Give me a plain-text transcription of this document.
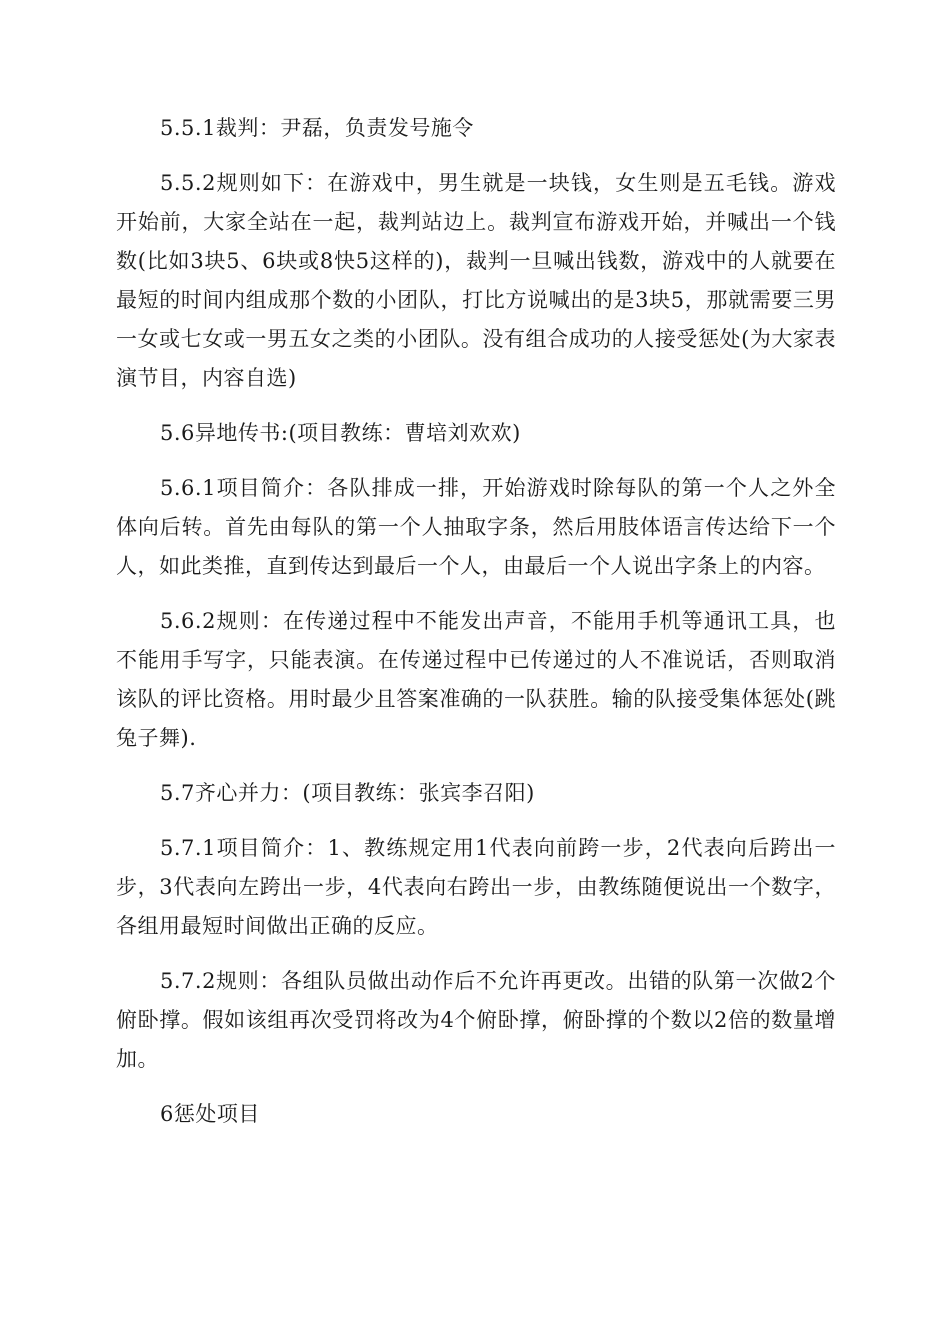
5.5.1裁判：尹磊，负责发号施令

5.5.2规则如下：在游戏中，男生就是一块钱，女生则是五毛钱。游戏开始前，大家全站在一起，裁判站边上。裁判宣布游戏开始，并喊出一个钱数(比如3块5、6块或8快5这样的)，裁判一旦喊出钱数，游戏中的人就要在最短的时间内组成那个数的小团队，打比方说喊出的是3块5，那就需要三男一女或七女或一男五女之类的小团队。没有组合成功的人接受惩处(为大家表演节目，内容自选)

5.6异地传书:(项目教练：曹培刘欢欢)

5.6.1项目简介：各队排成一排，开始游戏时除每队的第一个人之外全体向后转。首先由每队的第一个人抽取字条，然后用肢体语言传达给下一个人，如此类推，直到传达到最后一个人，由最后一个人说出字条上的内容。

5.6.2规则：在传递过程中不能发出声音，不能用手机等通讯工具，也不能用手写字，只能表演。在传递过程中已传递过的人不准说话，否则取消该队的评比资格。用时最少且答案准确的一队获胜。输的队接受集体惩处(跳兔子舞).

5.7齐心并力：(项目教练：张宾李召阳)

5.7.1项目简介：1、教练规定用1代表向前跨一步，2代表向后跨出一步，3代表向左跨出一步，4代表向右跨出一步，由教练随便说出一个数字，各组用最短时间做出正确的反应。

5.7.2规则：各组队员做出动作后不允许再更改。出错的队第一次做2个俯卧撑。假如该组再次受罚将改为4个俯卧撑，俯卧撑的个数以2倍的数量增加。

6惩处项目
